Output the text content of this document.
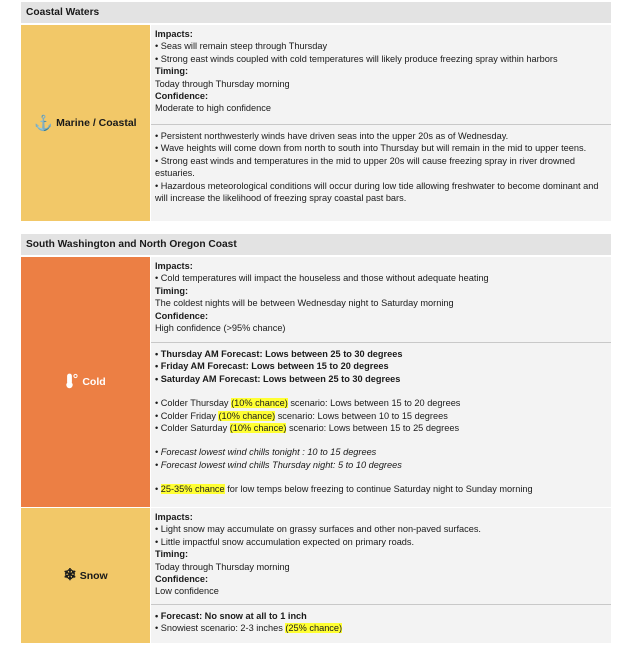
Coastal Waters
⚓ Marine / Coastal

Impacts:

• Seas will remain steep through Thursday

• Strong east winds coupled with cold temperatures will likely produce freezing spray within harbors

Timing:

Today through Thursday morning

Confidence:

Moderate to high confidence

• Persistent northwesterly winds have driven seas into the upper 20s as of Wednesday.

• Wave heights will come down from north to south into Thursday but will remain in the mid to upper teens.

• Strong east winds and temperatures in the mid to upper 20s will cause freezing spray in river drowned estuaries.

• Hazardous meteorological conditions will occur during low tide allowing freshwater to become dominant and will increase the likelihood of freezing spray coastal past bars.

South Washington and North Oregon Coast
Cold

Impacts:

• Cold temperatures will impact the houseless and those without adequate heating

Timing:

The coldest nights will be between Wednesday night to Saturday morning

Confidence:

High confidence (>95% chance)

• Thursday AM Forecast: Lows between 25 to 30 degrees

• Friday AM Forecast: Lows between 15 to 20 degrees

• Saturday AM Forecast: Lows between 25 to 30 degrees

• Colder Thursday (10% chance) scenario: Lows between 15 to 20 degrees

• Colder Friday (10% chance) scenario: Lows between 10 to 15 degrees

• Colder Saturday (10% chance) scenario: Lows between 15 to 25 degrees

• Forecast lowest wind chills tonight : 10 to 15 degrees

• Forecast lowest wind chills Thursday night: 5 to 10 degrees

• 25-35% chance for low temps below freezing to continue Saturday night to Sunday morning

❄ Snow

Impacts:

• Light snow may accumulate on grassy surfaces and other non-paved surfaces.

• Little impactful snow accumulation expected on primary roads.

Timing:

Today through Thursday morning

Confidence:

Low confidence

• Forecast: No snow at all to 1 inch

• Snowiest scenario: 2-3 inches (25% chance)
